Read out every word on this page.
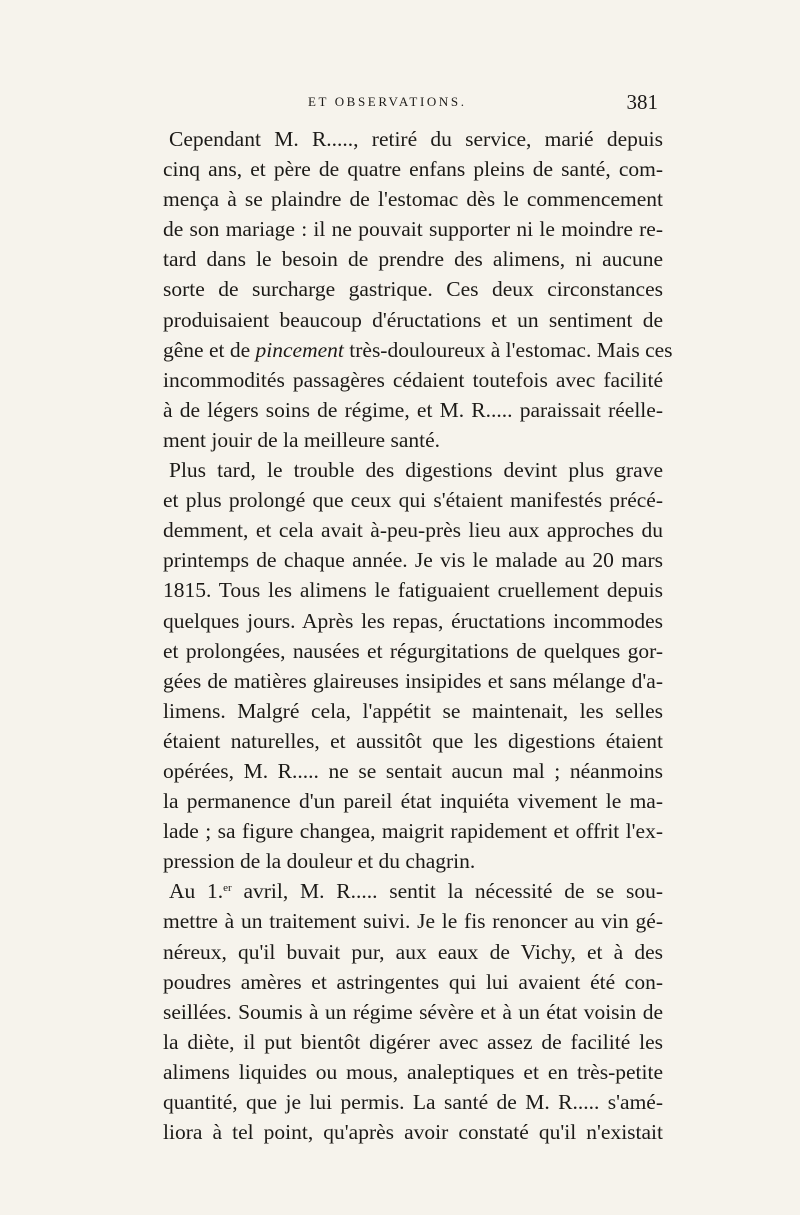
ET OBSERVATIONS.	381
Cependant M. R....., retiré du service, marié depuis
cinq ans, et père de quatre enfans pleins de santé, com-
mença à se plaindre de l'estomac dès le commencement
de son mariage : il ne pouvait supporter ni le moindre re-
tard dans le besoin de prendre des alimens, ni aucune
sorte de surcharge gastrique. Ces deux circonstances
produisaient beaucoup d'éructations et un sentiment de
gêne et de pincement très-douloureux à l'estomac. Mais ces
incommodités passagères cédaient toutefois avec facilité
à de légers soins de régime, et M. R..... paraissait réelle-
ment jouir de la meilleure santé.
Plus tard, le trouble des digestions devint plus grave
et plus prolongé que ceux qui s'étaient manifestés précé-
demment, et cela avait à-peu-près lieu aux approches du
printemps de chaque année. Je vis le malade au 20 mars
1815. Tous les alimens le fatiguaient cruellement depuis
quelques jours. Après les repas, éructations incommodes
et prolongées, nausées et régurgitations de quelques gor-
gées de matières glaireuses insipides et sans mélange d'a-
limens. Malgré cela, l'appétit se maintenait, les selles
étaient naturelles, et aussitôt que les digestions étaient
opérées, M. R..... ne se sentait aucun mal ; néanmoins
la permanence d'un pareil état inquiéta vivement le ma-
lade ; sa figure changea, maigrit rapidement et offrit l'ex-
pression de la douleur et du chagrin.
Au 1.$^{er}$ avril, M. R..... sentit la nécessité de se sou-
mettre à un traitement suivi. Je le fis renoncer au vin gé-
néreux, qu'il buvait pur, aux eaux de Vichy, et à des
poudres amères et astringentes qui lui avaient été con-
seillées. Soumis à un régime sévère et à un état voisin de
la diète, il put bientôt digérer avec assez de facilité les
alimens liquides ou mous, analeptiques et en très-petite
quantité, que je lui permis. La santé de M. R..... s'amé-
liora à tel point, qu'après avoir constaté qu'il n'existait
